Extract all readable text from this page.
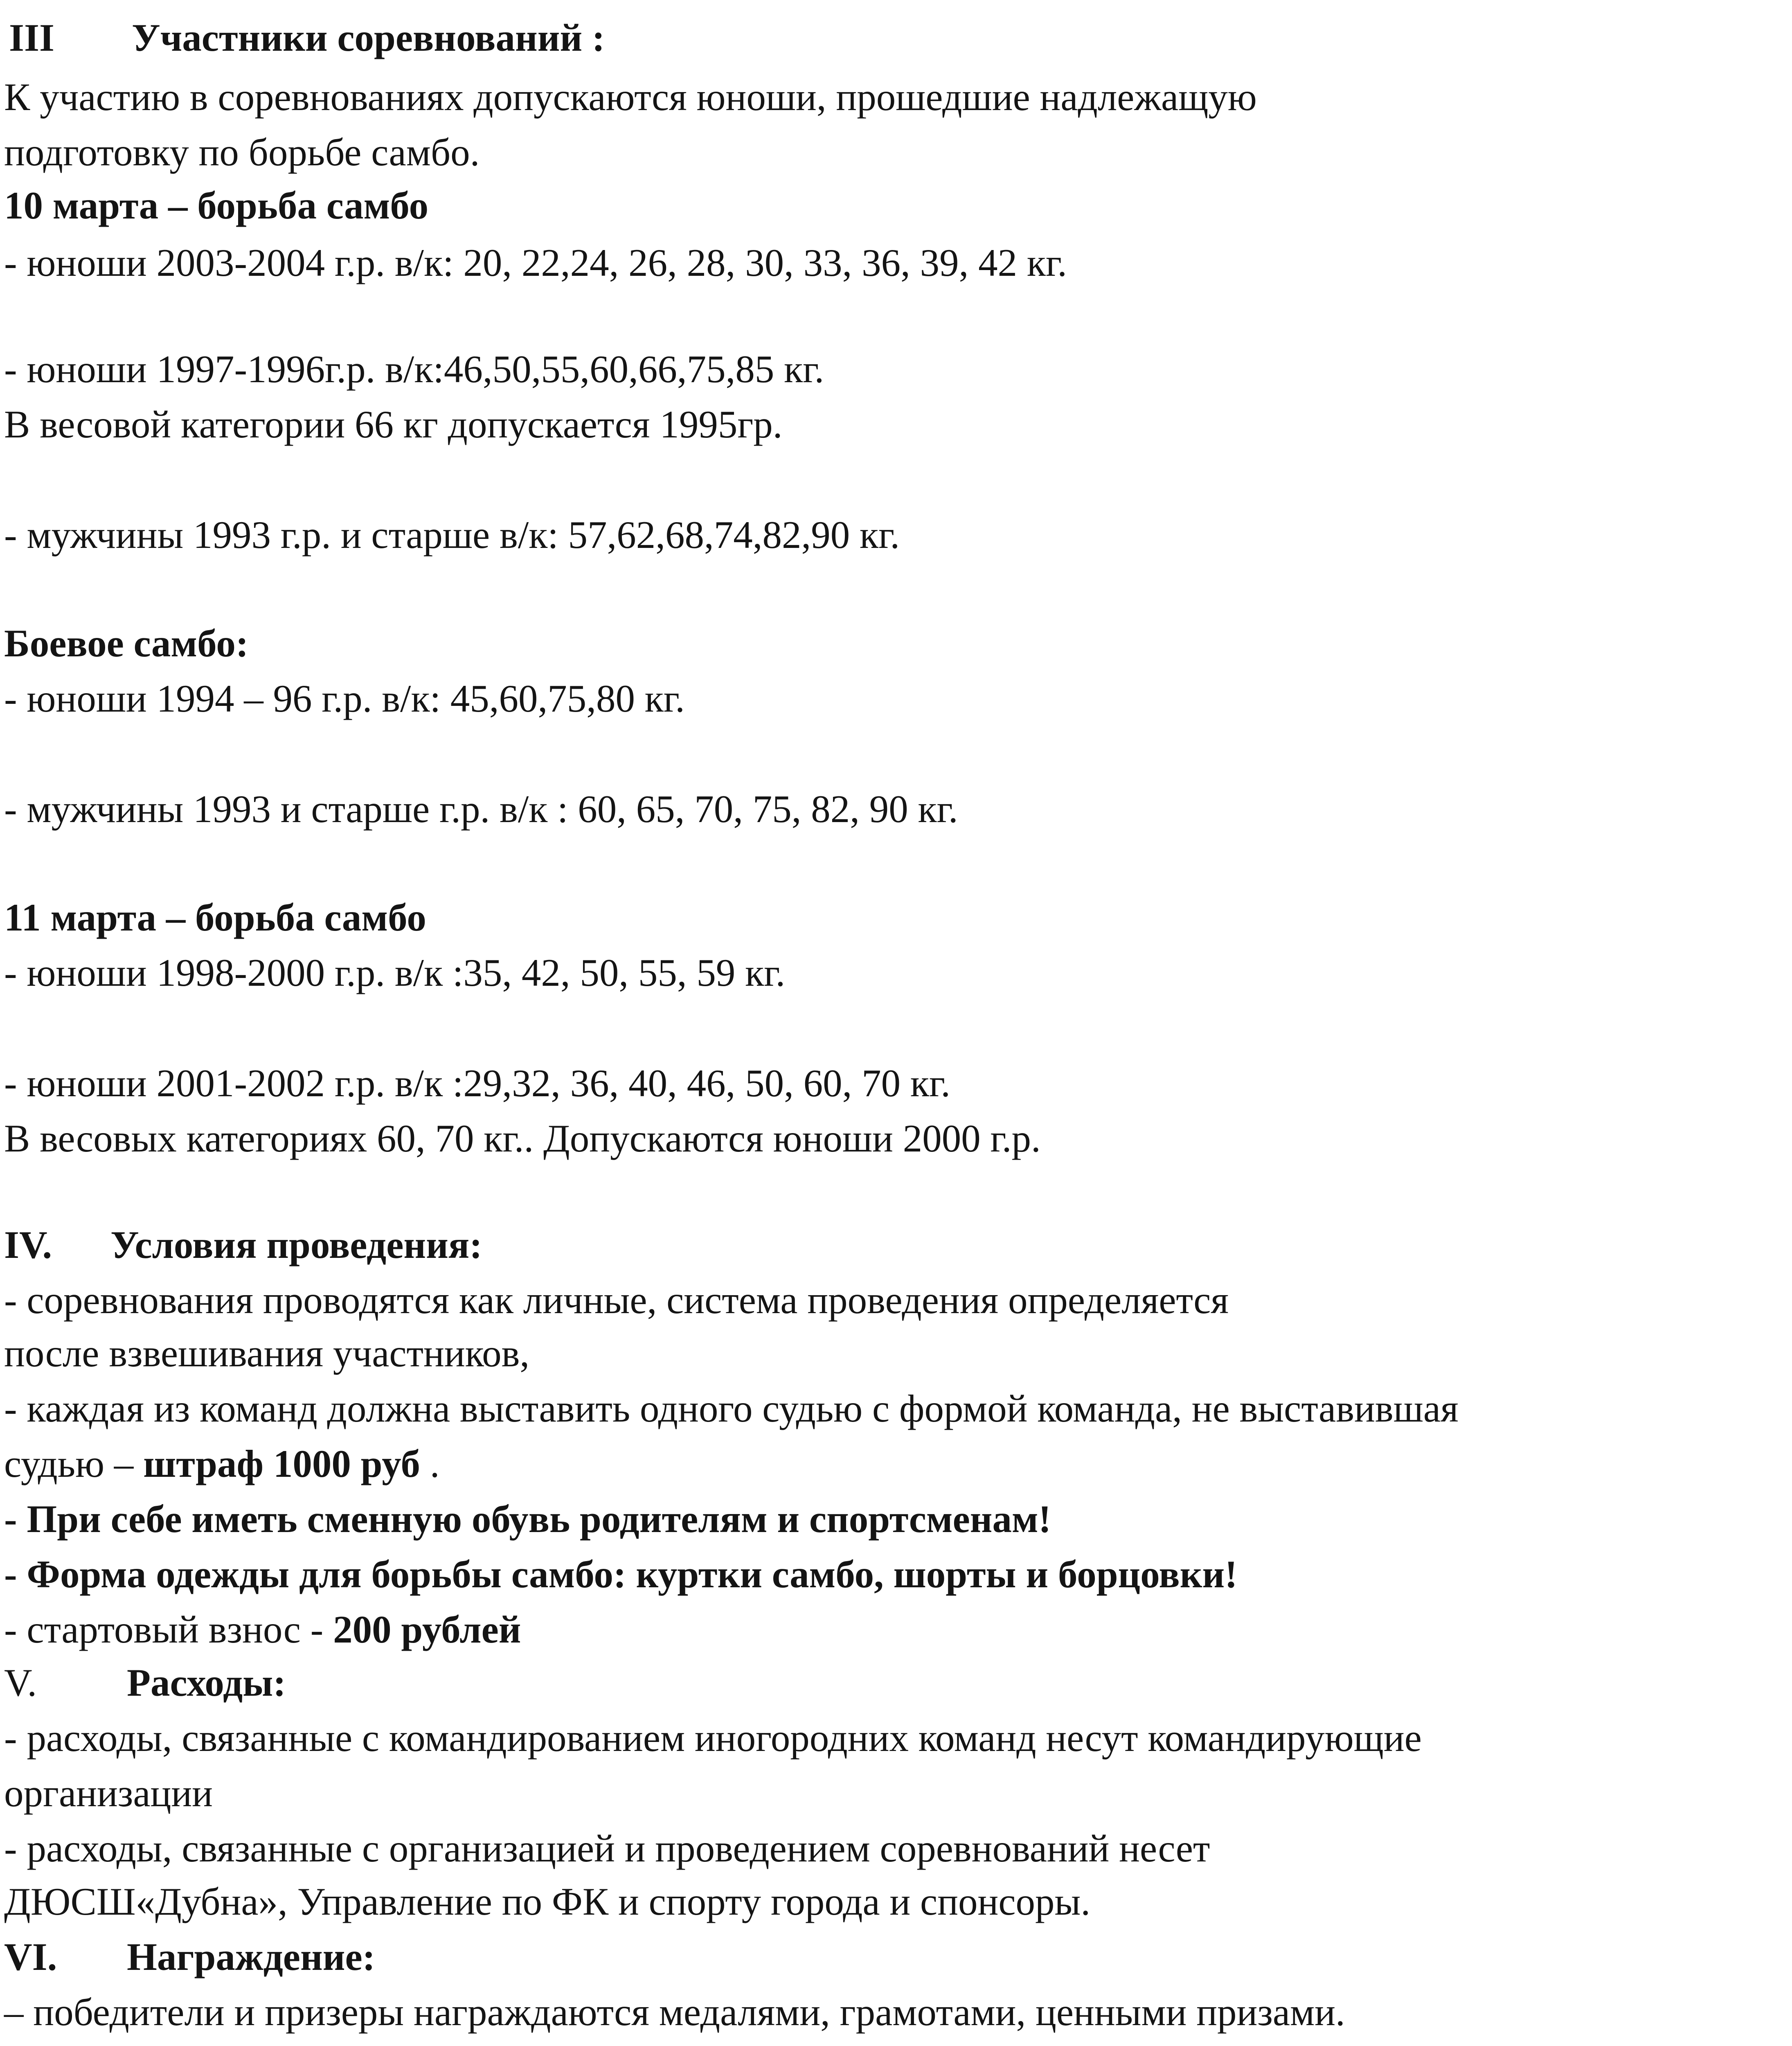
III Участники соревнований :
К участию в соревнованиях допускаются юноши, прошедшие надлежащую
подготовку по борьбе самбо.
10 марта – борьба самбо
- юноши 2003-2004 г.р. в/к: 20, 22,24, 26, 28, 30, 33, 36, 39, 42 кг.
- юноши 1997-1996г.р. в/к:46,50,55,60,66,75,85 кг.
В весовой категории 66 кг допускается 1995гр.
- мужчины 1993 г.р. и старше в/к: 57,62,68,74,82,90 кг.
Боевое самбо:
- юноши 1994 – 96 г.р. в/к: 45,60,75,80 кг.
- мужчины 1993 и старше г.р. в/к : 60, 65, 70, 75, 82, 90 кг.
11 марта – борьба самбо
- юноши 1998-2000 г.р. в/к :35, 42, 50, 55, 59 кг.
- юноши 2001-2002 г.р. в/к :29,32, 36, 40, 46, 50, 60, 70 кг.
В весовых категориях 60, 70 кг.. Допускаются юноши 2000 г.р.
IV. Условия проведения:
- соревнования проводятся как личные, система проведения определяется
после взвешивания участников,
- каждая из команд должна выставить одного судью с формой команда, не выставившая
судью – штраф 1000 руб .
- При себе иметь сменную обувь родителям и спортсменам!
- Форма одежды для борьбы самбо: куртки самбо, шорты и борцовки!
- стартовый взнос - 200 рублей
V. Расходы:
- расходы, связанные с командированием иногородних команд несут командирующие
организации
- расходы, связанные с организацией и проведением соревнований несет
ДЮСШ«Дубна», Управление по ФК и спорту города и спонсоры.
VI. Награждение:
– победители и призеры награждаются медалями, грамотами, ценными призами.
